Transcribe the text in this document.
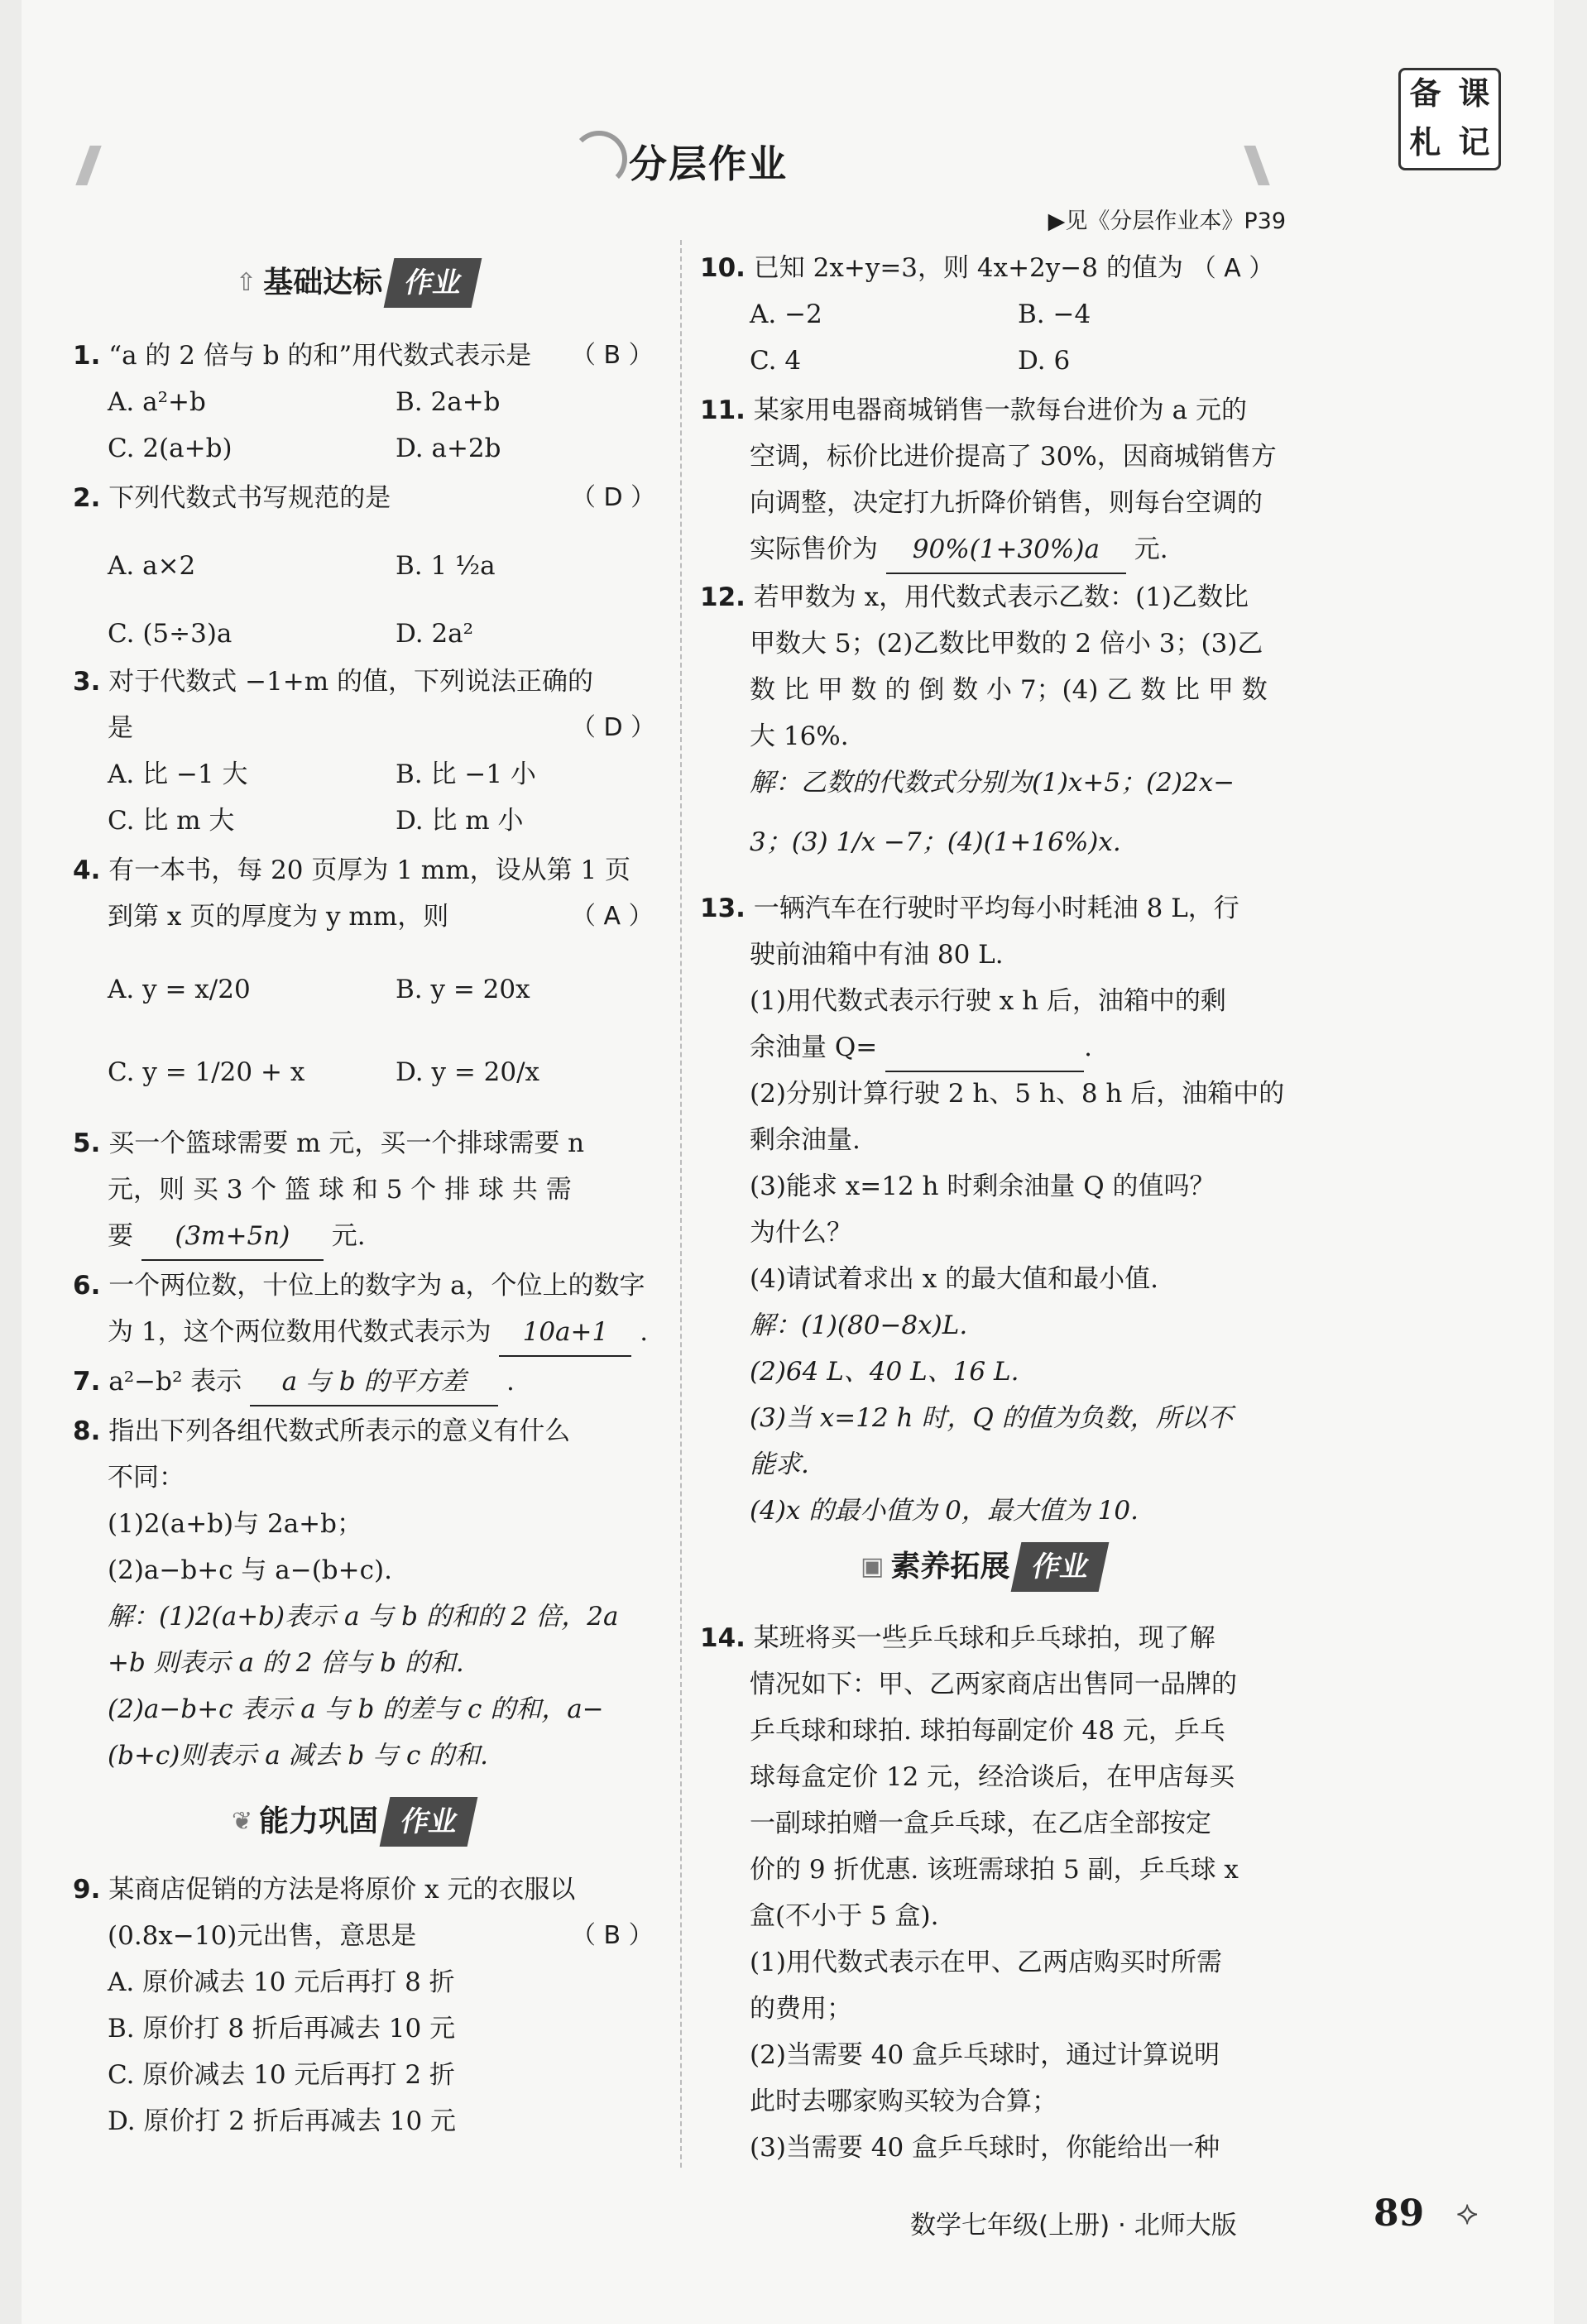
备 课
札 记
分层作业
▶见《分层作业本》P39
⇧ 基础达标 作业
1. “a 的 2 倍与 b 的和”用代数式表示是 （ B ）
A. a²+b	B. 2a+b
C. 2(a+b)	D. a+2b
2. 下列代数式书写规范的是	（ D ）
A. a×2	B. 1 ½a
C. (5÷3)a	D. 2a²
3. 对于代数式 −1+m 的值，下列说法正确的
是	（ D ）
A. 比 −1 大	B. 比 −1 小
C. 比 m 大	D. 比 m 小
4. 有一本书，每 20 页厚为 1 mm，设从第 1 页
到第 x 页的厚度为 y mm，则	（ A ）
A. y = x/20	B. y = 20x
C. y = 1/20 + x	D. y = 20/x
5. 买一个篮球需要 m 元，买一个排球需要 n
元，则 买 3 个 篮 球 和 5 个 排 球 共 需
要 (3m+5n) 元.
6. 一个两位数，十位上的数字为 a，个位上的数字
为 1，这个两位数用代数式表示为 10a+1 .
7. a²−b² 表示 a 与 b 的平方差 .
8. 指出下列各组代数式所表示的意义有什么
不同：
(1)2(a+b)与 2a+b；
(2)a−b+c 与 a−(b+c).
解：(1)2(a+b)表示 a 与 b 的和的 2 倍，2a
+b 则表示 a 的 2 倍与 b 的和.
(2)a−b+c 表示 a 与 b 的差与 c 的和，a−
(b+c)则表示 a 减去 b 与 c 的和.
❦ 能力巩固 作业
9. 某商店促销的方法是将原价 x 元的衣服以
(0.8x−10)元出售，意思是	（ B ）
A. 原价减去 10 元后再打 8 折
B. 原价打 8 折后再减去 10 元
C. 原价减去 10 元后再打 2 折
D. 原价打 2 折后再减去 10 元
10. 已知 2x+y=3，则 4x+2y−8 的值为 （ A ）
A. −2	B. −4
C. 4	D. 6
11. 某家用电器商城销售一款每台进价为 a 元的
空调，标价比进价提高了 30%，因商城销售方
向调整，决定打九折降价销售，则每台空调的
实际售价为 90%(1+30%)a 元.
12. 若甲数为 x，用代数式表示乙数：(1)乙数比
甲数大 5；(2)乙数比甲数的 2 倍小 3；(3)乙
数 比 甲 数 的 倒 数 小 7；(4) 乙 数 比 甲 数
大 16%.
解：乙数的代数式分别为(1)x+5；(2)2x−
3；(3) 1/x −7；(4)(1+16%)x.
13. 一辆汽车在行驶时平均每小时耗油 8 L，行
驶前油箱中有油 80 L.
(1)用代数式表示行驶 x h 后，油箱中的剩
余油量 Q=	.
(2)分别计算行驶 2 h、5 h、8 h 后，油箱中的
剩余油量.
(3)能求 x=12 h 时剩余油量 Q 的值吗？
为什么？
(4)请试着求出 x 的最大值和最小值.
解：(1)(80−8x)L.
(2)64 L、40 L、16 L.
(3)当 x=12 h 时，Q 的值为负数，所以不
能求.
(4)x 的最小值为 0，最大值为 10.
▣ 素养拓展 作业
14. 某班将买一些乒乓球和乒乓球拍，现了解
情况如下：甲、乙两家商店出售同一品牌的
乒乓球和球拍. 球拍每副定价 48 元，乒乓
球每盒定价 12 元，经洽谈后，在甲店每买
一副球拍赠一盒乒乓球，在乙店全部按定
价的 9 折优惠. 该班需球拍 5 副，乒乓球 x
盒(不小于 5 盒).
(1)用代数式表示在甲、乙两店购买时所需
的费用；
(2)当需要 40 盒乒乓球时，通过计算说明
此时去哪家购买较为合算；
(3)当需要 40 盒乒乓球时，你能给出一种
数学七年级(上册) · 北师大版	89 ⟡
